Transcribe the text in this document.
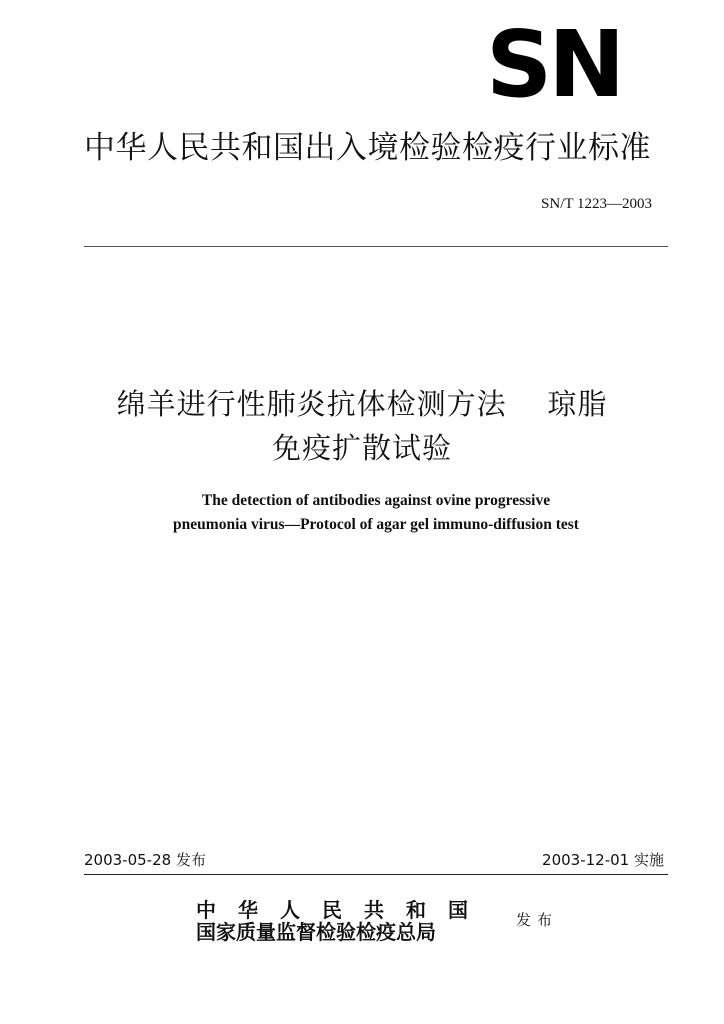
SN
中华人民共和国出入境检验检疫行业标准
SN/T 1223—2003
绵羊进行性肺炎抗体检测方法    琼脂
免疫扩散试验
The detection of antibodies against ovine progressive
pneumonia virus—Protocol of agar gel immuno-diffusion test
2003-05-28 发布	2003-12-01 实施
中华人民共和国
国家质量监督检验检疫总局	发布
